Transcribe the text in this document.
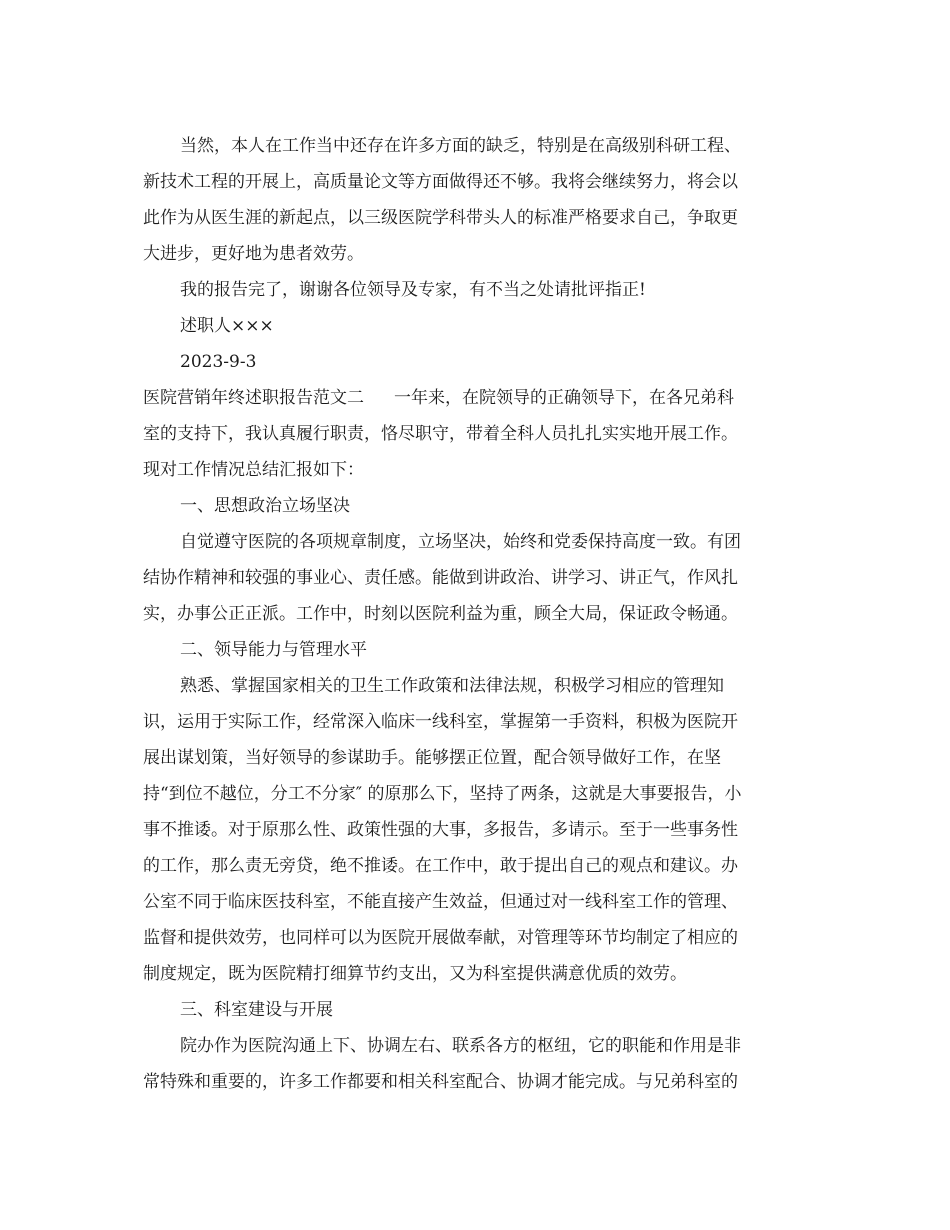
当然，本人在工作当中还存在许多方面的缺乏，特别是在高级别科研工程、
新技术工程的开展上，高质量论文等方面做得还不够。我将会继续努力，将会以
此作为从医生涯的新起点，以三级医院学科带头人的标准严格要求自己，争取更
大进步，更好地为患者效劳。
我的报告完了，谢谢各位领导及专家，有不当之处请批评指正!
述职人×××
2023-9-3
医院营销年终述职报告范文二 一年来，在院领导的正确领导下，在各兄弟科
室的支持下，我认真履行职责，恪尽职守，带着全科人员扎扎实实地开展工作。
现对工作情况总结汇报如下：
一、思想政治立场坚决
自觉遵守医院的各项规章制度，立场坚决，始终和党委保持高度一致。有团
结协作精神和较强的事业心、责任感。能做到讲政治、讲学习、讲正气，作风扎
实，办事公正正派。工作中，时刻以医院利益为重，顾全大局，保证政令畅通。
二、领导能力与管理水平
熟悉、掌握国家相关的卫生工作政策和法律法规，积极学习相应的管理知
识，运用于实际工作，经常深入临床一线科室，掌握第一手资料，积极为医院开
展出谋划策，当好领导的参谋助手。能够摆正位置，配合领导做好工作，在坚
持“到位不越位，分工不分家″ 的原那么下，坚持了两条，这就是大事要报告，小
事不推诿。对于原那么性、政策性强的大事，多报告，多请示。至于一些事务性
的工作，那么责无旁贷，绝不推诿。在工作中，敢于提出自己的观点和建议。办
公室不同于临床医技科室，不能直接产生效益，但通过对一线科室工作的管理、
监督和提供效劳，也同样可以为医院开展做奉献，对管理等环节均制定了相应的
制度规定，既为医院精打细算节约支出，又为科室提供满意优质的效劳。
三、科室建设与开展
院办作为医院沟通上下、协调左右、联系各方的枢纽，它的职能和作用是非
常特殊和重要的，许多工作都要和相关科室配合、协调才能完成。与兄弟科室的
